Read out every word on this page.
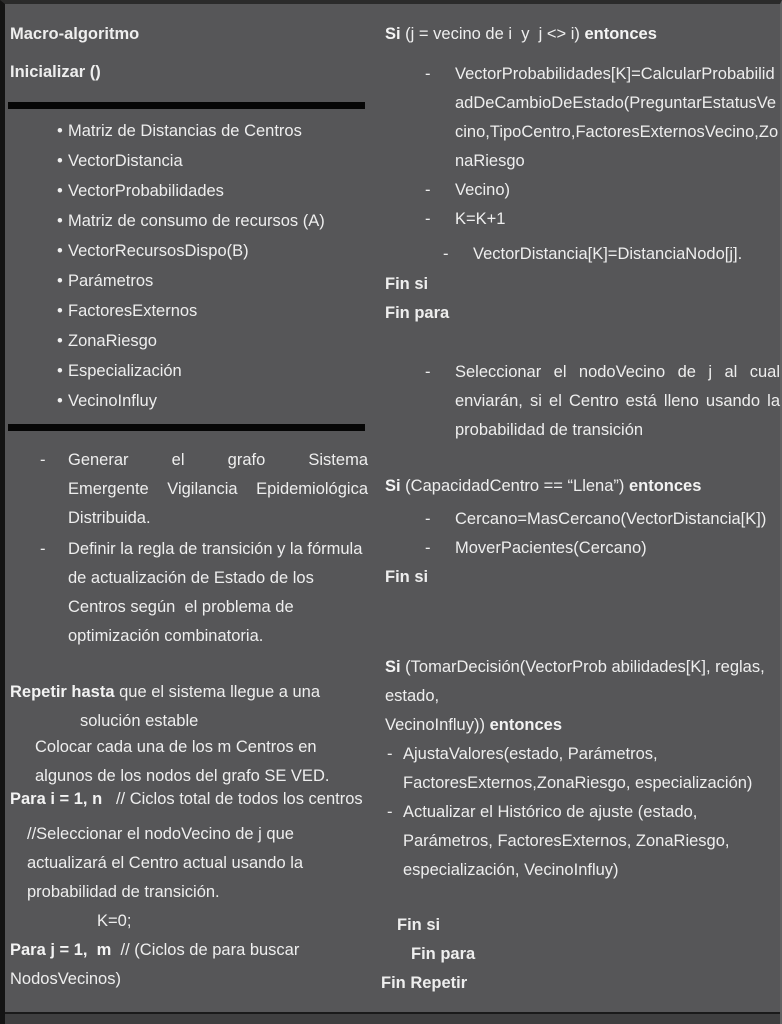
Macro-algoritmo

Inicializar ()

• Matriz de Distancias de Centros
• VectorDistancia
• VectorProbabilidades
• Matriz de consumo de recursos (A)
• VectorRecursosDispo(B)
• Parámetros
• FactoresExternos
• ZonaRiesgo
• Especialización
• VecinoInfluy
-	Generar el grafo Sistema
Emergente Vigilancia Epidemiológica
Distribuida.
-	Definir la regla de transición y la fórmula de actualización de Estado de los Centros según  el problema de optimización combinatoria.

Repetir hasta que el sistema llegue a una

solución estable

Colocar cada una de los m Centros en algunos de los nodos del grafo SE VED.

Para i = 1, n   // Ciclos total de todos los centros

//Seleccionar el nodoVecino de j que actualizará el Centro actual usando la probabilidad de transición.

K=0;

Para j = 1,  m  // (Ciclos de para buscar NodosVecinos)

Si (j = vecino de i  y  j <> i) entonces

-	VectorProbabilidades[K]=CalcularProbabilidadDeCambioDeEstado(PreguntarEstatusVecino,TipoCentro,FactoresExternosVecino,ZonaRiesgo

-	Vecino)

-	K=K+1

-	VectorDistancia[K]=DistanciaNodo[j].

Fin si

Fin para

-	Seleccionar el nodoVecino de j al cual enviarán, si el Centro está lleno usando la probabilidad de transición

Si (CapacidadCentro == “Llena”) entonces

-	Cercano=MasCercano(VectorDistancia[K])

-	MoverPacientes(Cercano)

Fin si

Si (TomarDecisión(VectorProb abilidades[K], reglas,

estado,

VecinoInfluy)) entonces

- AjustaValores(estado, Parámetros, FactoresExternos,ZonaRiesgo, especialización)

- Actualizar el Histórico de ajuste (estado, Parámetros, FactoresExternos, ZonaRiesgo, especialización, VecinoInfluy)

Fin si

Fin para

Fin Repetir
